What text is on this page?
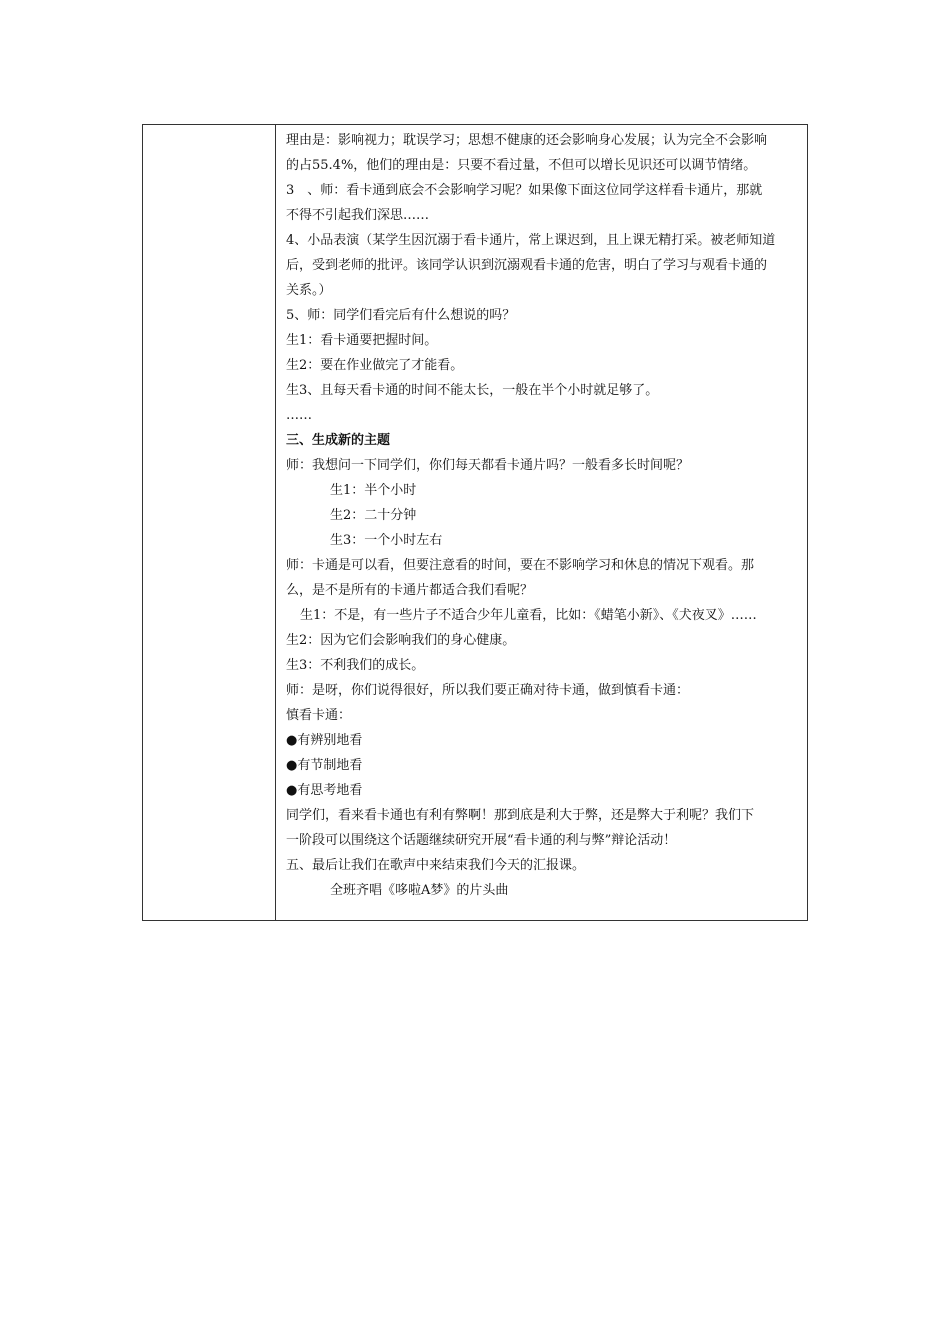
理由是：影响视力；耽误学习；思想不健康的还会影响身心发展；认为完全不会影响
的占55.4%，他们的理由是：只要不看过量，不但可以增长见识还可以调节情绪。
3　、师：看卡通到底会不会影响学习呢？如果像下面这位同学这样看卡通片，那就
不得不引起我们深思……
4、小品表演（某学生因沉溺于看卡通片，常上课迟到，且上课无精打采。被老师知道
后，受到老师的批评。该同学认识到沉溺观看卡通的危害，明白了学习与观看卡通的
关系。）
5、师：同学们看完后有什么想说的吗？
生1：看卡通要把握时间。
生2：要在作业做完了才能看。
生3、且每天看卡通的时间不能太长，一般在半个小时就足够了。
……
三、生成新的主题
师：我想问一下同学们，你们每天都看卡通片吗？一般看多长时间呢？
生1：半个小时
生2：二十分钟
生3：一个小时左右
师：卡通是可以看，但要注意看的时间，要在不影响学习和休息的情况下观看。那
么，是不是所有的卡通片都适合我们看呢？
生1：不是，有一些片子不适合少年儿童看，比如：《蜡笔小新》、《犬夜叉》……
生2：因为它们会影响我们的身心健康。
生3：不利我们的成长。
师：是呀，你们说得很好，所以我们要正确对待卡通，做到慎看卡通：
慎看卡通：
●有辨别地看
●有节制地看
●有思考地看
同学们，看来看卡通也有利有弊啊！那到底是利大于弊，还是弊大于利呢？我们下
一阶段可以围绕这个话题继续研究开展“看卡通的利与弊”辩论活动！
五、最后让我们在歌声中来结束我们今天的汇报课。
全班齐唱《哆啦A梦》的片头曲
